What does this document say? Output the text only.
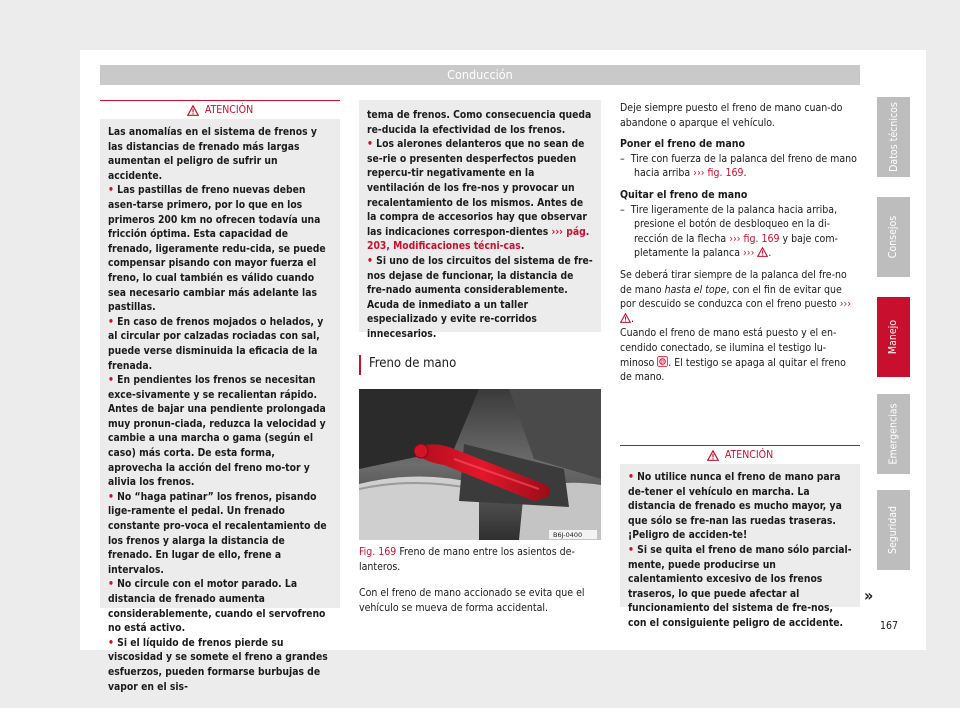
Conducción
ATENCIÓN

Las anomalías en el sistema de frenos y las distancias de frenado más largas aumentan el peligro de sufrir un accidente.

• Las pastillas de freno nuevas deben asen-tarse primero, por lo que en los primeros 200 km no ofrecen todavía una fricción óptima. Esta capacidad de frenado, ligeramente redu-cida, se puede compensar pisando con mayor fuerza el freno, lo cual también es válido cuando sea necesario cambiar más adelante las pastillas.

• En caso de frenos mojados o helados, y al circular por calzadas rociadas con sal, puede verse disminuida la eficacia de la frenada.

• En pendientes los frenos se necesitan exce-sivamente y se recalientan rápido. Antes de bajar una pendiente prolongada muy pronun-ciada, reduzca la velocidad y cambie a una marcha o gama (según el caso) más corta. De esta forma, aprovecha la acción del freno mo-tor y alivia los frenos.

• No “haga patinar” los frenos, pisando lige-ramente el pedal. Un frenado constante pro-voca el recalentamiento de los frenos y alarga la distancia de frenado. En lugar de ello, frene a intervalos.

• No circule con el motor parado. La distancia de frenado aumenta considerablemente, cuando el servofreno no está activo.

• Si el líquido de frenos pierde su viscosidad y se somete el freno a grandes esfuerzos, pueden formarse burbujas de vapor en el sis-

tema de frenos. Como consecuencia queda re-ducida la efectividad de los frenos.

• Los alerones delanteros que no sean de se-rie o presenten desperfectos pueden repercu-tir negativamente en la ventilación de los fre-nos y provocar un recalentamiento de los mismos. Antes de la compra de accesorios hay que observar las indicaciones correspon-dientes ››› pág. 203, Modificaciones técni-cas.

• Si uno de los circuitos del sistema de fre-nos dejase de funcionar, la distancia de fre-nado aumenta considerablemente. Acuda de inmediato a un taller especializado y evite re-corridos innecesarios.

Freno de mano

B6J-0400
Fig. 169 Freno de mano entre los asientos de-lanteros.

Con el freno de mano accionado se evita que el vehículo se mueva de forma accidental.

Deje siempre puesto el freno de mano cuan-do abandone o aparque el vehículo.

Poner el freno de mano

–  Tire con fuerza de la palanca del freno de mano hacia arriba ››› fig. 169.

Quitar el freno de mano

–  Tire ligeramente de la palanca hacia arriba, presione el botón de desbloqueo en la di-rección de la flecha ››› fig. 169 y baje com-pletamente la palanca ››› .

Se deberá tirar siempre de la palanca del fre-no de mano hasta el tope, con el fin de evitar que por descuido se conduzca con el freno puesto ››› .

Cuando el freno de mano está puesto y el en-cendido conectado, se ilumina el testigo lu-minoso P . El testigo se apaga al quitar el freno de mano.

ATENCIÓN

• No utilice nunca el freno de mano para de-tener el vehículo en marcha. La distancia de frenado es mucho mayor, ya que sólo se fre-nan las ruedas traseras. ¡Peligro de acciden-te!

• Si se quita el freno de mano sólo parcial-mente, puede producirse un calentamiento excesivo de los frenos traseros, lo que puede afectar al funcionamiento del sistema de fre-nos, con el consiguiente peligro de accidente.

»
Datos técnicos
Consejos
Manejo
Emergencias
Seguridad
167
